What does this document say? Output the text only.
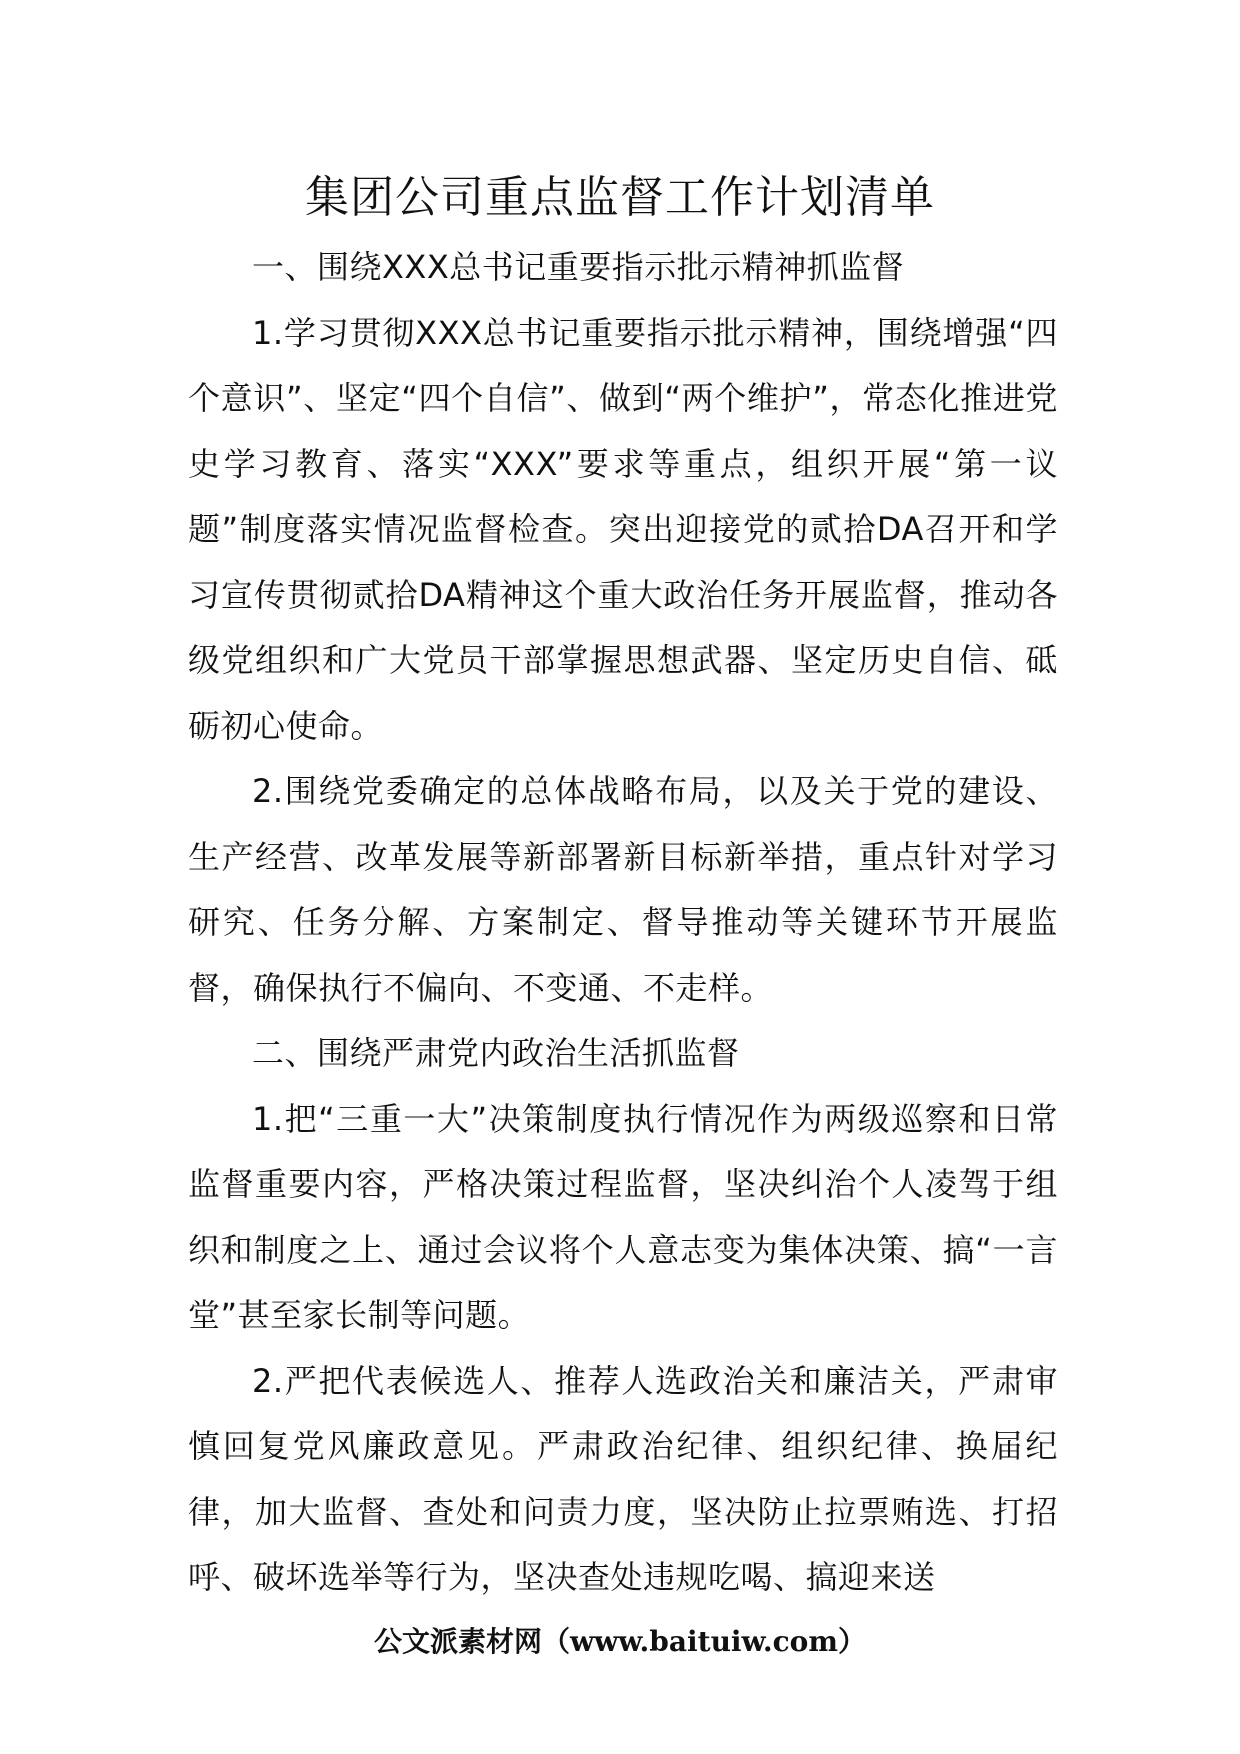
集团公司重点监督工作计划清单

一、围绕XXX总书记重要指示批示精神抓监督

1.学习贯彻XXX总书记重要指示批示精神，围绕增强“四个意识”、坚定“四个自信”、做到“两个维护”，常态化推进党史学习教育、落实“XXX”要求等重点，组织开展“第一议题”制度落实情况监督检查。突出迎接党的贰拾DA召开和学习宣传贯彻贰拾DA精神这个重大政治任务开展监督，推动各级党组织和广大党员干部掌握思想武器、坚定历史自信、砥砺初心使命。

2.围绕党委确定的总体战略布局，以及关于党的建设、生产经营、改革发展等新部署新目标新举措，重点针对学习研究、任务分解、方案制定、督导推动等关键环节开展监督，确保执行不偏向、不变通、不走样。

二、围绕严肃党内政治生活抓监督

1.把“三重一大”决策制度执行情况作为两级巡察和日常监督重要内容，严格决策过程监督，坚决纠治个人凌驾于组织和制度之上、通过会议将个人意志变为集体决策、搞“一言堂”甚至家长制等问题。

2.严把代表候选人、推荐人选政治关和廉洁关，严肃审慎回复党风廉政意见。严肃政治纪律、组织纪律、换届纪律，加大监督、查处和问责力度，坚决防止拉票贿选、打招呼、破坏选举等行为，坚决查处违规吃喝、搞迎来送

公文派素材网（www.baituiw.com）
